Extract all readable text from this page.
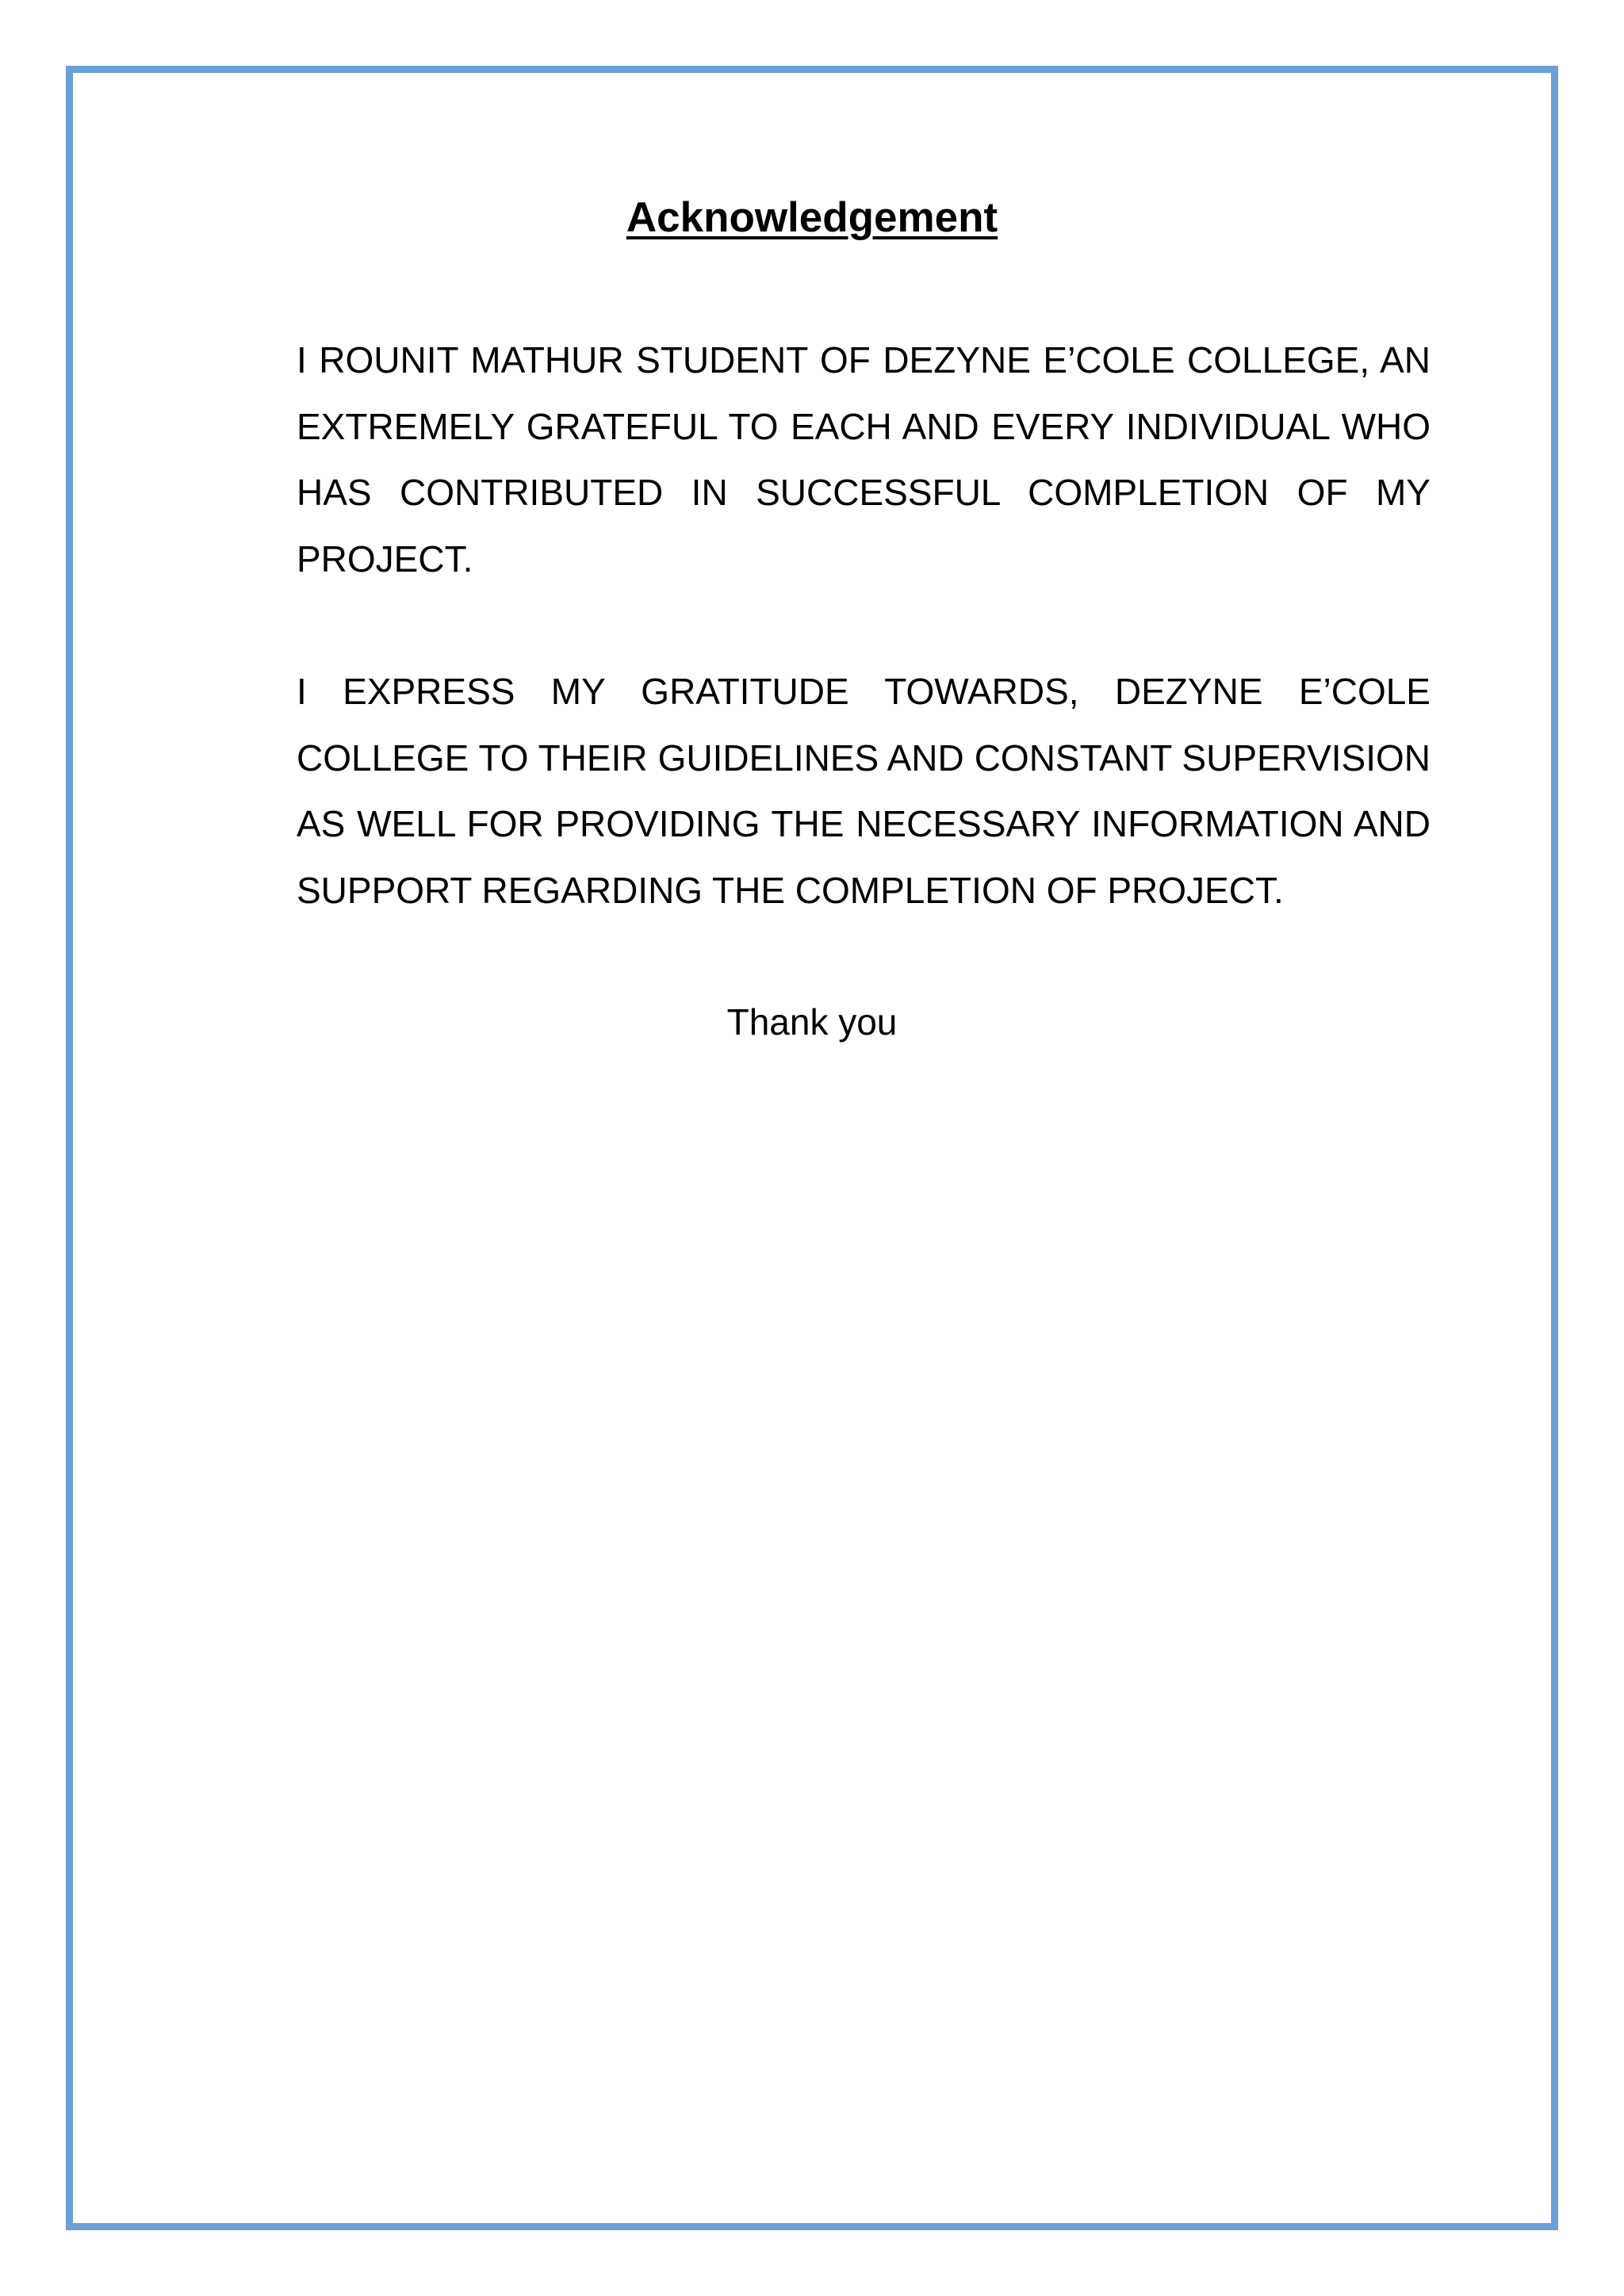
Acknowledgement

I ROUNIT MATHUR STUDENT OF DEZYNE E’COLE COLLEGE, AN EXTREMELY GRATEFUL TO EACH AND EVERY INDIVIDUAL WHO HAS CONTRIBUTED IN SUCCESSFUL COMPLETION OF MY PROJECT.

I EXPRESS MY GRATITUDE TOWARDS, DEZYNE E’COLE COLLEGE TO THEIR GUIDELINES AND CONSTANT SUPERVISION AS WELL FOR PROVIDING THE NECESSARY INFORMATION AND SUPPORT REGARDING THE COMPLETION OF PROJECT.

Thank you
